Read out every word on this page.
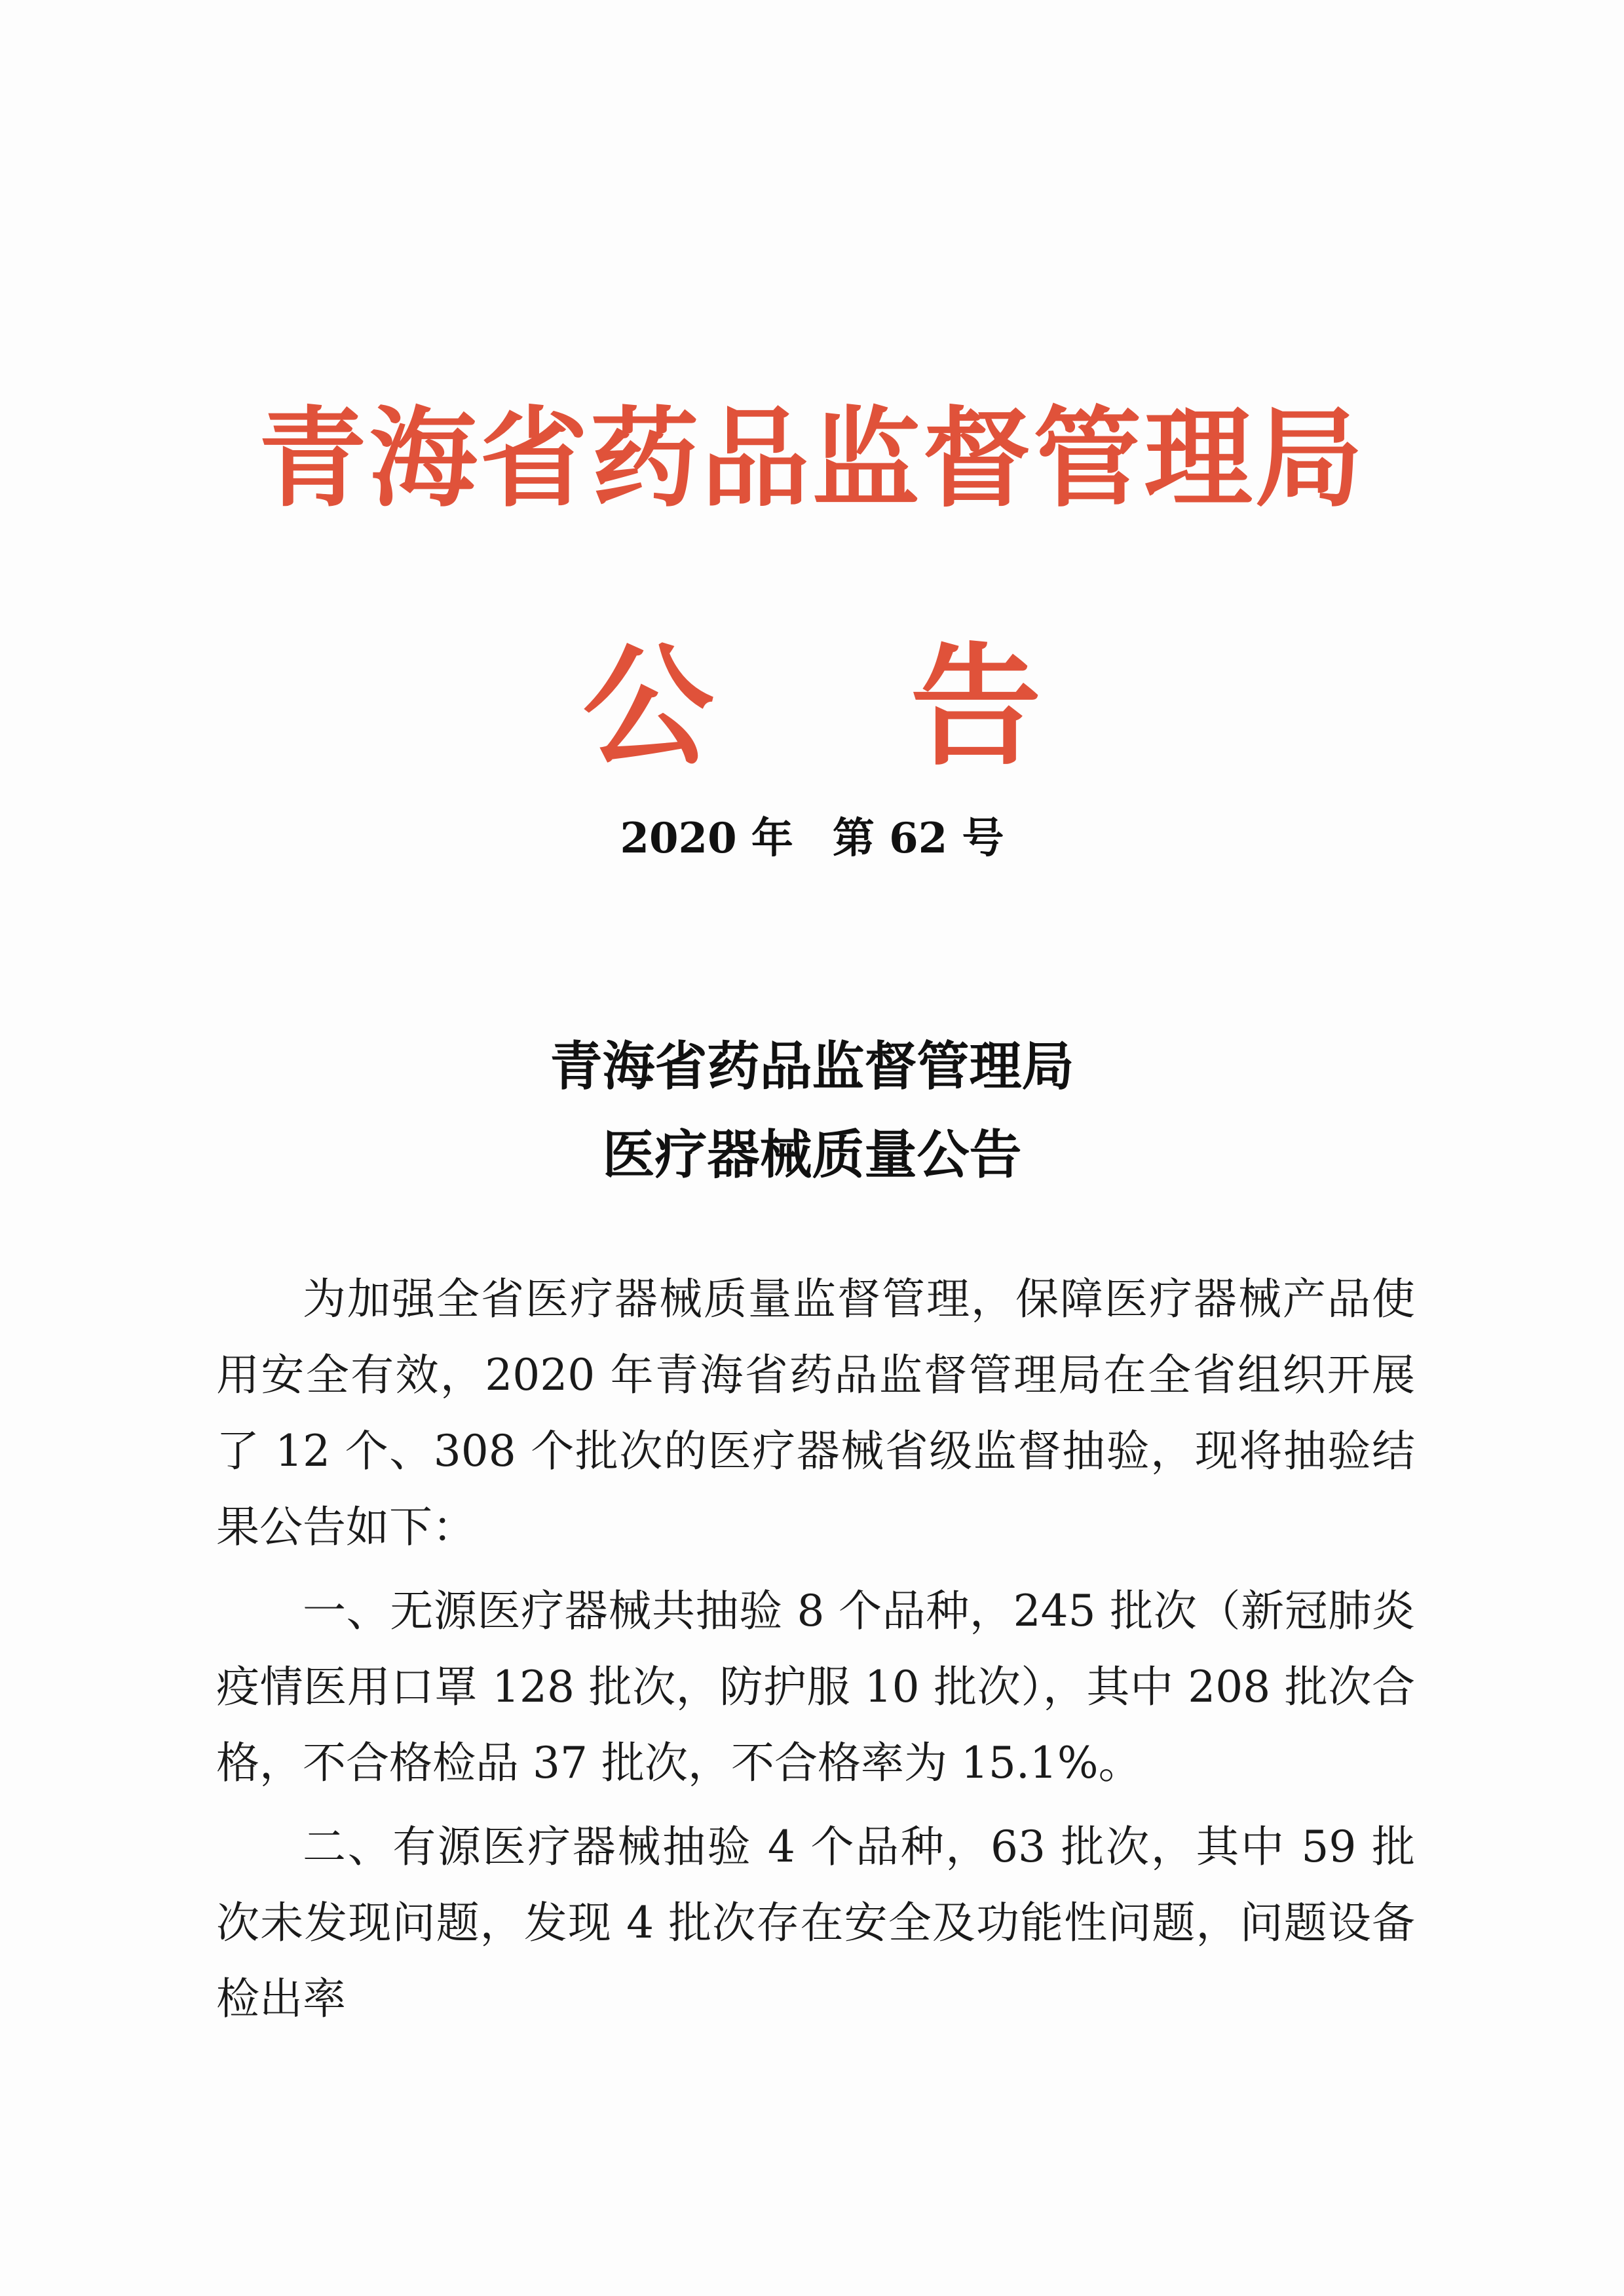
青海省药品监督管理局
公 告
2020 年 第 62 号
青海省药品监督管理局
医疗器械质量公告

为加强全省医疗器械质量监督管理，保障医疗器械产品使用安全有效，2020 年青海省药品监督管理局在全省组织开展了 12 个、308 个批次的医疗器械省级监督抽验，现将抽验结果公告如下：

一、无源医疗器械共抽验 8 个品种，245 批次（新冠肺炎疫情医用口罩 128 批次，防护服 10 批次），其中 208 批次合格，不合格检品 37 批次，不合格率为 15.1%。

二、有源医疗器械抽验 4 个品种，63 批次，其中 59 批次未发现问题，发现 4 批次存在安全及功能性问题，问题设备检出率
